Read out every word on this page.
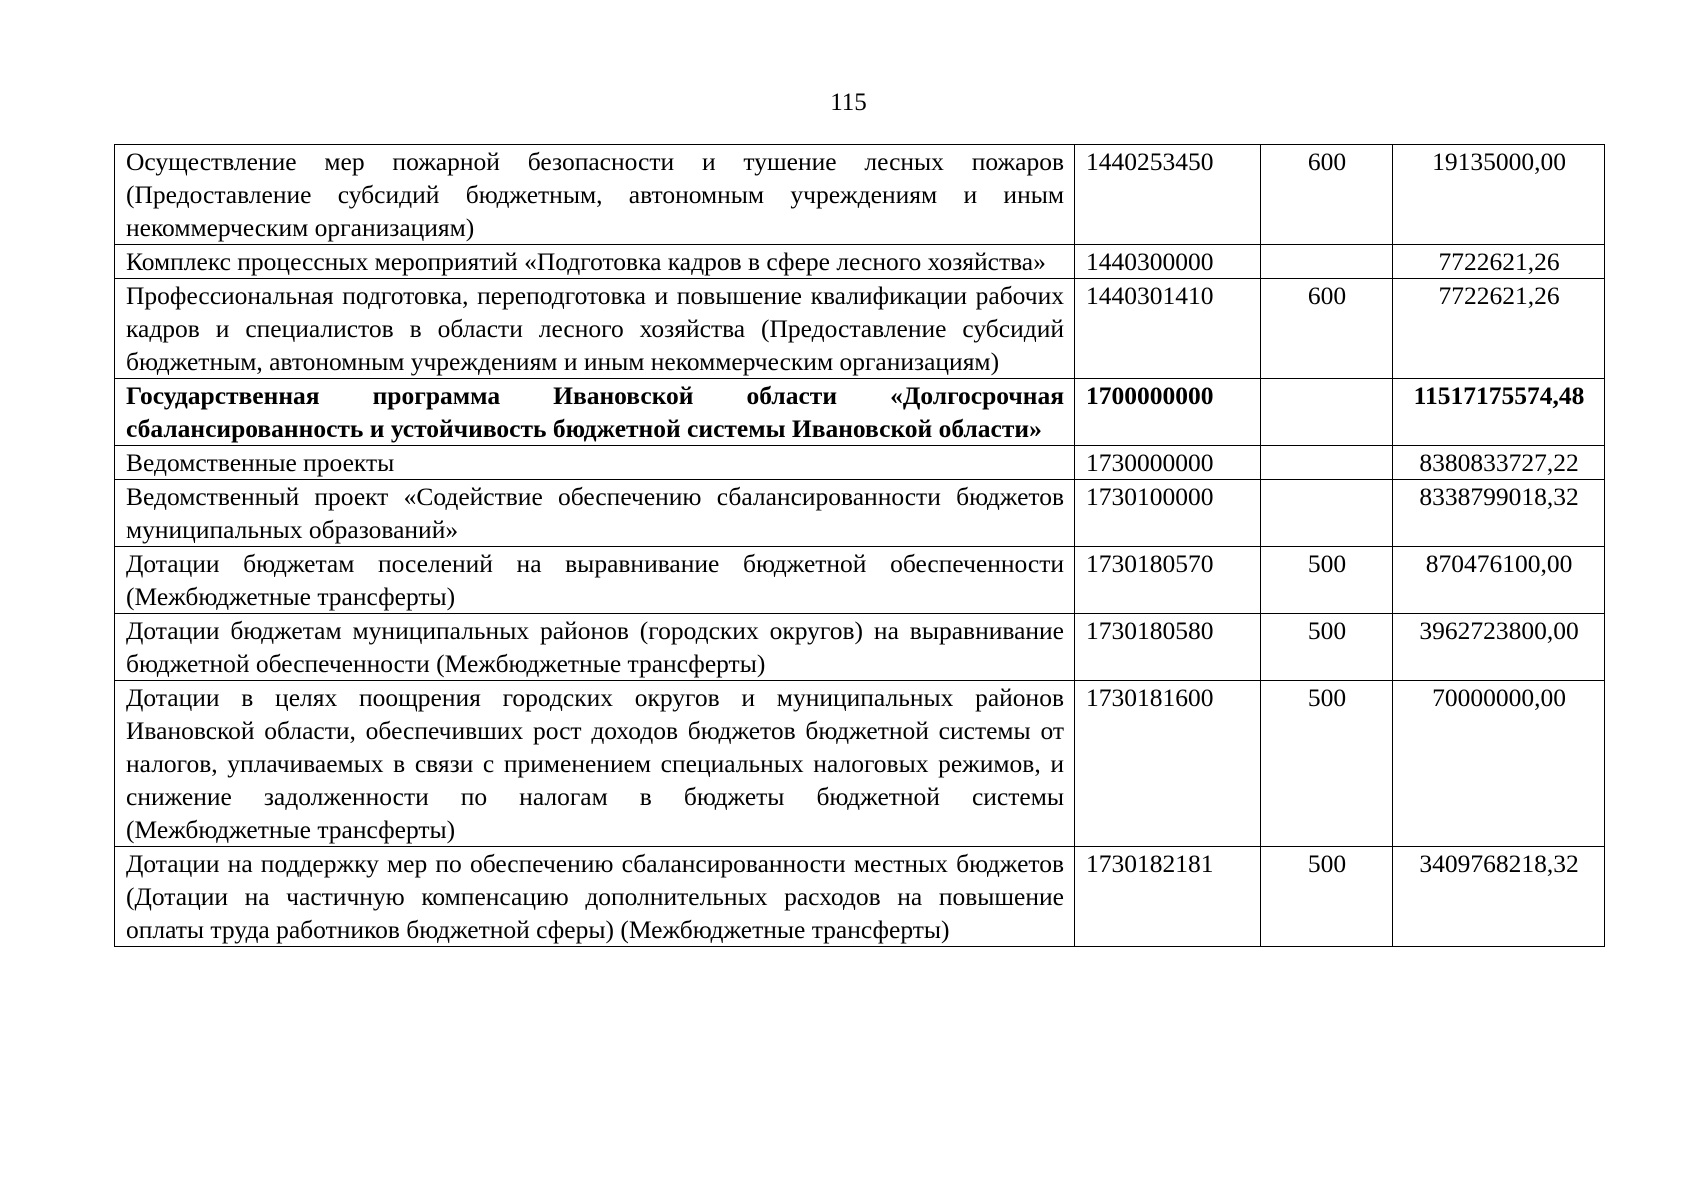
115
Осуществление мер пожарной безопасности и тушение лесных пожаров (Предоставление субсидий бюджетным, автономным учреждениям и иным некоммерческим организациям)	1440253450	600	19135000,00
Комплекс процессных мероприятий «Подготовка кадров в сфере лесного хозяйства»	1440300000		7722621,26
Профессиональная подготовка, переподготовка и повышение квалификации рабочих кадров и специалистов в области лесного хозяйства (Предоставление субсидий бюджетным, автономным учреждениям и иным некоммерческим организациям)	1440301410	600	7722621,26
Государственная программа Ивановской области «Долгосрочная сбалансированность и устойчивость бюджетной системы Ивановской области»	1700000000		11517175574,48
Ведомственные проекты	1730000000		8380833727,22
Ведомственный проект «Содействие обеспечению сбалансированности бюджетов муниципальных образований»	1730100000		8338799018,32
Дотации бюджетам поселений на выравнивание бюджетной обеспеченности (Межбюджетные трансферты)	1730180570	500	870476100,00
Дотации бюджетам муниципальных районов (городских округов) на выравнивание бюджетной обеспеченности (Межбюджетные трансферты)	1730180580	500	3962723800,00
Дотации в целях поощрения городских округов и муниципальных районов Ивановской области, обеспечивших рост доходов бюджетов бюджетной системы от налогов, уплачиваемых в связи с применением специальных налоговых режимов, и снижение задолженности по налогам в бюджеты бюджетной системы (Межбюджетные трансферты)	1730181600	500	70000000,00
Дотации на поддержку мер по обеспечению сбалансированности местных бюджетов (Дотации на частичную компенсацию дополнительных расходов на повышение оплаты труда работников бюджетной сферы) (Межбюджетные трансферты)	1730182181	500	3409768218,32
